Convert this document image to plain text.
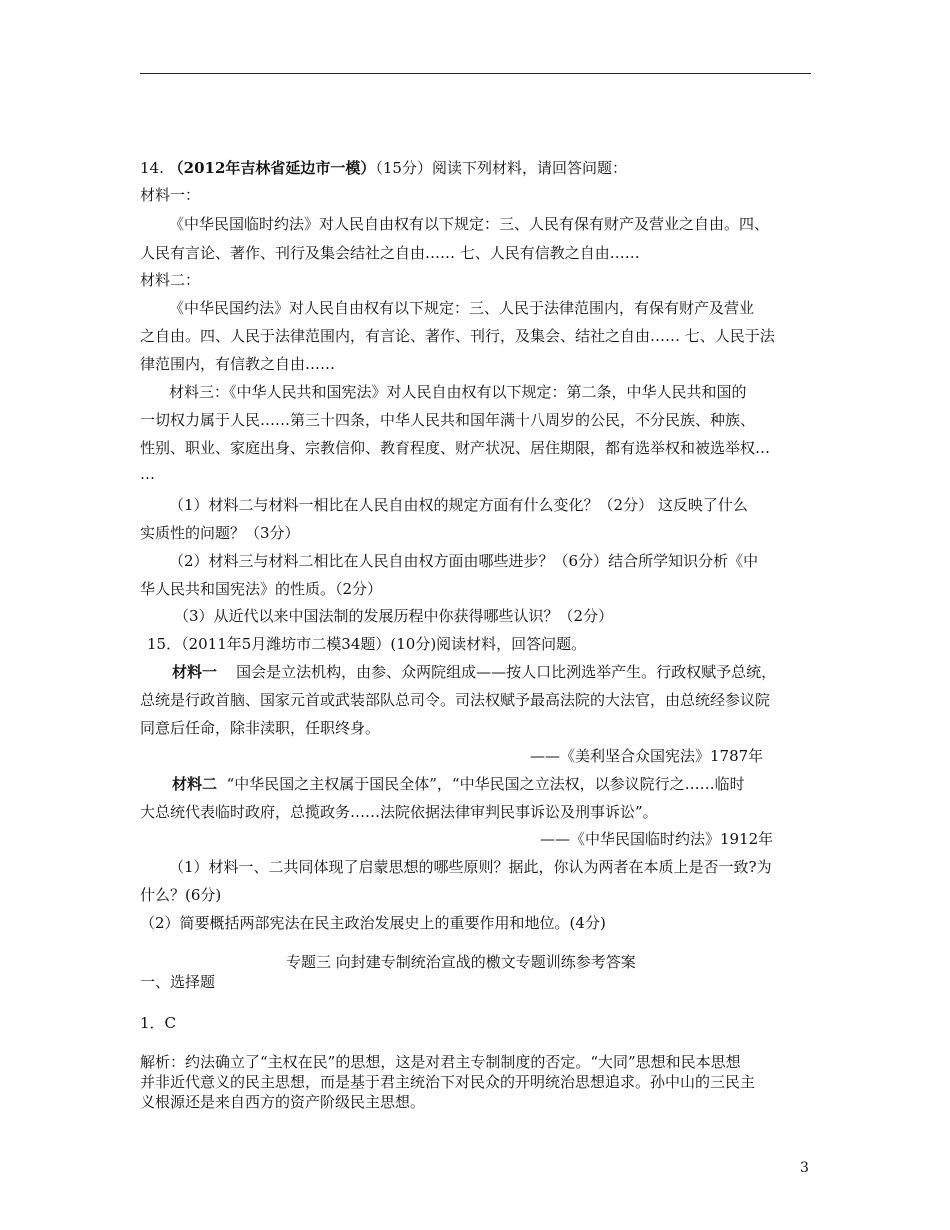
14. （2012年吉林省延边市一模）（15分）阅读下列材料，请回答问题：
材料一：
《中华民国临时约法》对人民自由权有以下规定：三、人民有保有财产及营业之自由。四、
人民有言论、著作、刊行及集会结社之自由…… 七、人民有信教之自由……
材料二：
《中华民国约法》对人民自由权有以下规定：三、人民于法律范围内，有保有财产及营业
之自由。四、人民于法律范围内，有言论、著作、刊行，及集会、结社之自由…… 七、人民于法
律范围内，有信教之自由……
材料三：《中华人民共和国宪法》对人民自由权有以下规定：第二条，中华人民共和国的
一切权力属于人民……第三十四条，中华人民共和国年满十八周岁的公民，不分民族、种族、
性别、职业、家庭出身、宗教信仰、教育程度、财产状况、居住期限，都有选举权和被选举权…
…
（1）材料二与材料一相比在人民自由权的规定方面有什么变化？（2分） 这反映了什么
实质性的问题？（3分）
（2）材料三与材料二相比在人民自由权方面由哪些进步？（6分）结合所学知识分析《中
华人民共和国宪法》的性质。（2分）
（3）从近代以来中国法制的发展历程中你获得哪些认识？（2分）
15．（2011年5月潍坊市二模34题）(10分)阅读材料，回答问题。
材料一 国会是立法机构，由参、众两院组成——按人口比洌选举产生。行政权赋予总统，
总统是行政首脑、国家元首或武装部队总司令。司法权赋予最高法院的大法官，由总统经参议院
同意后任命，除非渎职，任职终身。
——《美利坚合众国宪法》1787年
材料二 “中华民国之主权属于国民全体”，“中华民国之立法权，以参议院行之……临时
大总统代表临时政府，总揽政务……法院依据法律审判民事诉讼及刑事诉讼”。
——《中华民国临时约法》1912年
（1）材料一、二共同体现了启蒙思想的哪些原则？据此，你认为两者在本质上是否一致?为
什么？(6分)
（2）简要概括两部宪法在民主政治发展史上的重要作用和地位。(4分)
专题三 向封建专制统治宣战的檄文专题训练参考答案
一、选择题
1．C
解析：约法确立了“主权在民”的思想，这是对君主专制制度的否定。“大同”思想和民本思想
并非近代意义的民主思想，而是基于君主统治下对民众的开明统治思想追求。孙中山的三民主
义根源还是来自西方的资产阶级民主思想。
3
